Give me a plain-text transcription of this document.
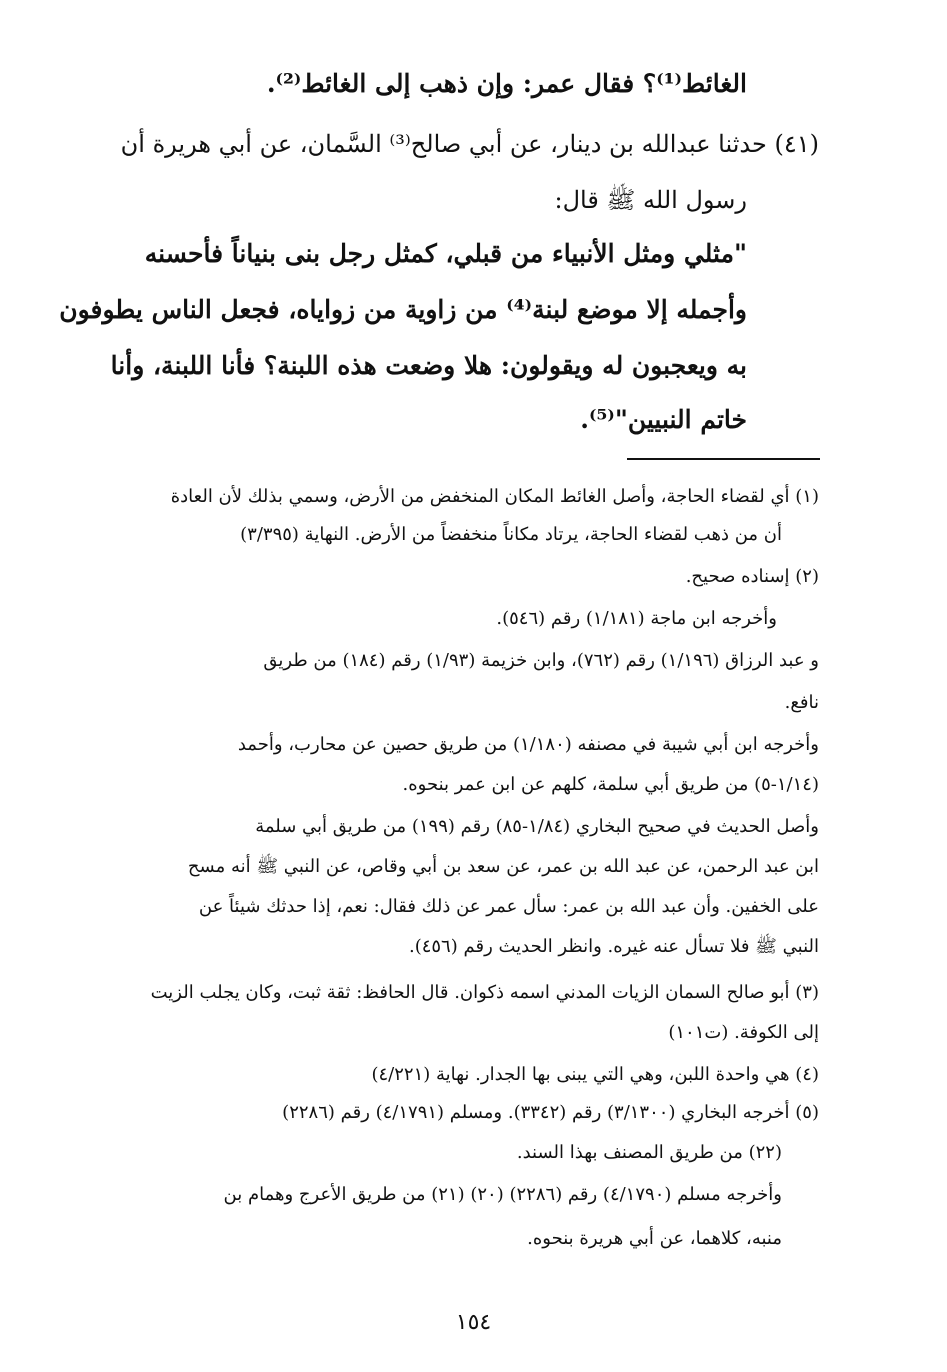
الغائط⁽¹⁾؟ فقال عمر: وإن ذهب إلى الغائط⁽²⁾.

(٤١) حدثنا عبدالله بن دينار، عن أبي صالح⁽³⁾ السَّمان، عن أبي هريرة أن

رسول الله ﷺ قال:

"مثلي ومثل الأنبياء من قبلي، كمثل رجل بنى بنياناً فأحسنه

وأجمله إلا موضع لبنة⁽⁴⁾ من زاوية من زواياه، فجعل الناس يطوفون

به ويعجبون له ويقولون: هلا وضعت هذه اللبنة؟ فأنا اللبنة، وأنا

خاتم النبيين"⁽⁵⁾.

(١) أي لقضاء الحاجة، وأصل الغائط المكان المنخفض من الأرض، وسمي بذلك لأن العادة

أن من ذهب لقضاء الحاجة، يرتاد مكاناً منخفضاً من الأرض. النهاية (٣/٣٩٥)

(٢) إسناده صحيح.

وأخرجه ابن ماجة (١/١٨١) رقم (٥٤٦).

و عبد الرزاق (١/١٩٦) رقم (٧٦٢)، وابن خزيمة (١/٩٣) رقم (١٨٤) من طريق

نافع.

وأخرجه ابن أبي شيبة في مصنفه (١/١٨٠) من طريق حصين عن محارب، وأحمد

(١/١٤-٥) من طريق أبي سلمة، كلهم عن ابن عمر بنحوه.

وأصل الحديث في صحيح البخاري (١/٨٤-٨٥) رقم (١٩٩) من طريق أبي سلمة

ابن عبد الرحمن، عن عبد الله بن عمر، عن سعد بن أبي وقاص، عن النبي ﷺ أنه مسح

على الخفين. وأن عبد الله بن عمر: سأل عمر عن ذلك فقال: نعم، إذا حدثك شيئاً عن

النبي ﷺ فلا تسأل عنه غيره. وانظر الحديث رقم (٤٥٦).

(٣) أبو صالح السمان الزيات المدني اسمه ذكوان. قال الحافظ: ثقة ثبت، وكان يجلب الزيت

إلى الكوفة. (ت١٠١)

(٤) هي واحدة اللبن، وهي التي يبنى بها الجدار. نهاية (٤/٢٢١)

(٥) أخرجه البخاري (٣/١٣٠٠) رقم (٣٣٤٢). ومسلم (٤/١٧٩١) رقم (٢٢٨٦)

(٢٢) من طريق المصنف بهذا السند.

وأخرجه مسلم (٤/١٧٩٠) رقم (٢٢٨٦) (٢٠) (٢١) من طريق الأعرج وهمام بن

منبه، كلاهما، عن أبي هريرة بنحوه.

١٥٤
